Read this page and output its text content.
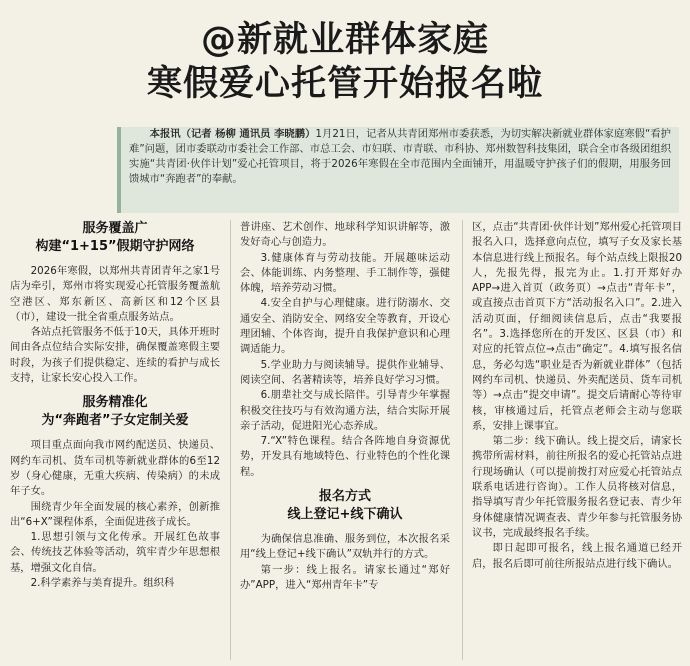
@新就业群体家庭
寒假爱心托管开始报名啦
本报讯（记者 杨柳 通讯员 李晓鹏）1月21日，记者从共青团郑州市委获悉，为切实解决新就业群体家庭寒假“看护难”问题，团市委联动市委社会工作部、市总工会、市妇联、市青联、市科协、郑州数智科技集团，联合全市各级团组织实施“共青团·伙伴计划”爱心托管项目，将于2026年寒假在全市范围内全面铺开，用温暖守护孩子们的假期，用服务回馈城市“奔跑者”的奉献。
服务覆盖广
构建“1+15”假期守护网络

2026年寒假，以郑州共青团青年之家1号店为牵引，郑州市将实现爱心托管服务覆盖航空港区、郑东新区、高新区和12个区县（市），建设一批全省重点服务站点。

各站点托管服务不低于10天，具体开班时间由各点位结合实际安排，确保覆盖寒假主要时段，为孩子们提供稳定、连续的看护与成长支持，让家长安心投入工作。

服务精准化
为“奔跑者”子女定制关爱

项目重点面向我市网约配送员、快递员、网约车司机、货车司机等新就业群体的6至12岁（身心健康，无重大疾病、传染病）的未成年子女。

围绕青少年全面发展的核心素养，创新推出“6+X”课程体系，全面促进孩子成长。

1.思想引领与文化传承。开展红色故事会、传统技艺体验等活动，筑牢青少年思想根基，增强文化自信。

2.科学素养与美育提升。组织科

普讲座、艺术创作、地球科学知识讲解等，激发好奇心与创造力。

3.健康体育与劳动技能。开展趣味运动会、体能训练、内务整理、手工制作等，强健体魄，培养劳动习惯。

4.安全自护与心理健康。进行防溺水、交通安全、消防安全、网络安全等教育，开设心理团辅、个体咨询，提升自我保护意识和心理调适能力。

5.学业助力与阅读辅导。提供作业辅导、阅读空间、名著精读等，培养良好学习习惯。

6.朋辈社交与成长陪伴。引导青少年掌握积极交往技巧与有效沟通方法，结合实际开展亲子活动，促进阳光心态养成。

7.“X”特色课程。结合各阵地自身资源优势，开发具有地域特色、行业特色的个性化课程。

报名方式
线上登记+线下确认

为确保信息准确、服务到位，本次报名采用“线上登记+线下确认”双轨并行的方式。

第一步：线上报名。请家长通过“郑好办”APP，进入“郑州青年卡”专

区，点击“共青团·伙伴计划”郑州爱心托管项目报名入口，选择意向点位，填写子女及家长基本信息进行线上预报名。每个站点线上限报20人，先报先得，报完为止。1.打开郑好办APP→进入首页（政务页）→点击“青年卡”，或直接点击首页下方“活动报名入口”。2.进入活动页面，仔细阅读信息后，点击“我要报名”。3.选择您所在的开发区、区县（市）和对应的托管点位→点击“确定”。4.填写报名信息，务必勾选“职业是否为新就业群体”（包括网约车司机、快递员、外卖配送员、货车司机等）→点击“提交申请”。提交后请耐心等待审核，审核通过后，托管点老师会主动与您联系，安排上课事宜。

第二步：线下确认。线上提交后，请家长携带所需材料，前往所报名的爱心托管站点进行现场确认（可以提前拨打对应爱心托管站点联系电话进行咨询）。工作人员将核对信息，指导填写青少年托管服务报名登记表、青少年身体健康情况调查表、青少年参与托管服务协议书，完成最终报名手续。

即日起即可报名，线上报名通道已经开启，报名后即可前往所报站点进行线下确认。
